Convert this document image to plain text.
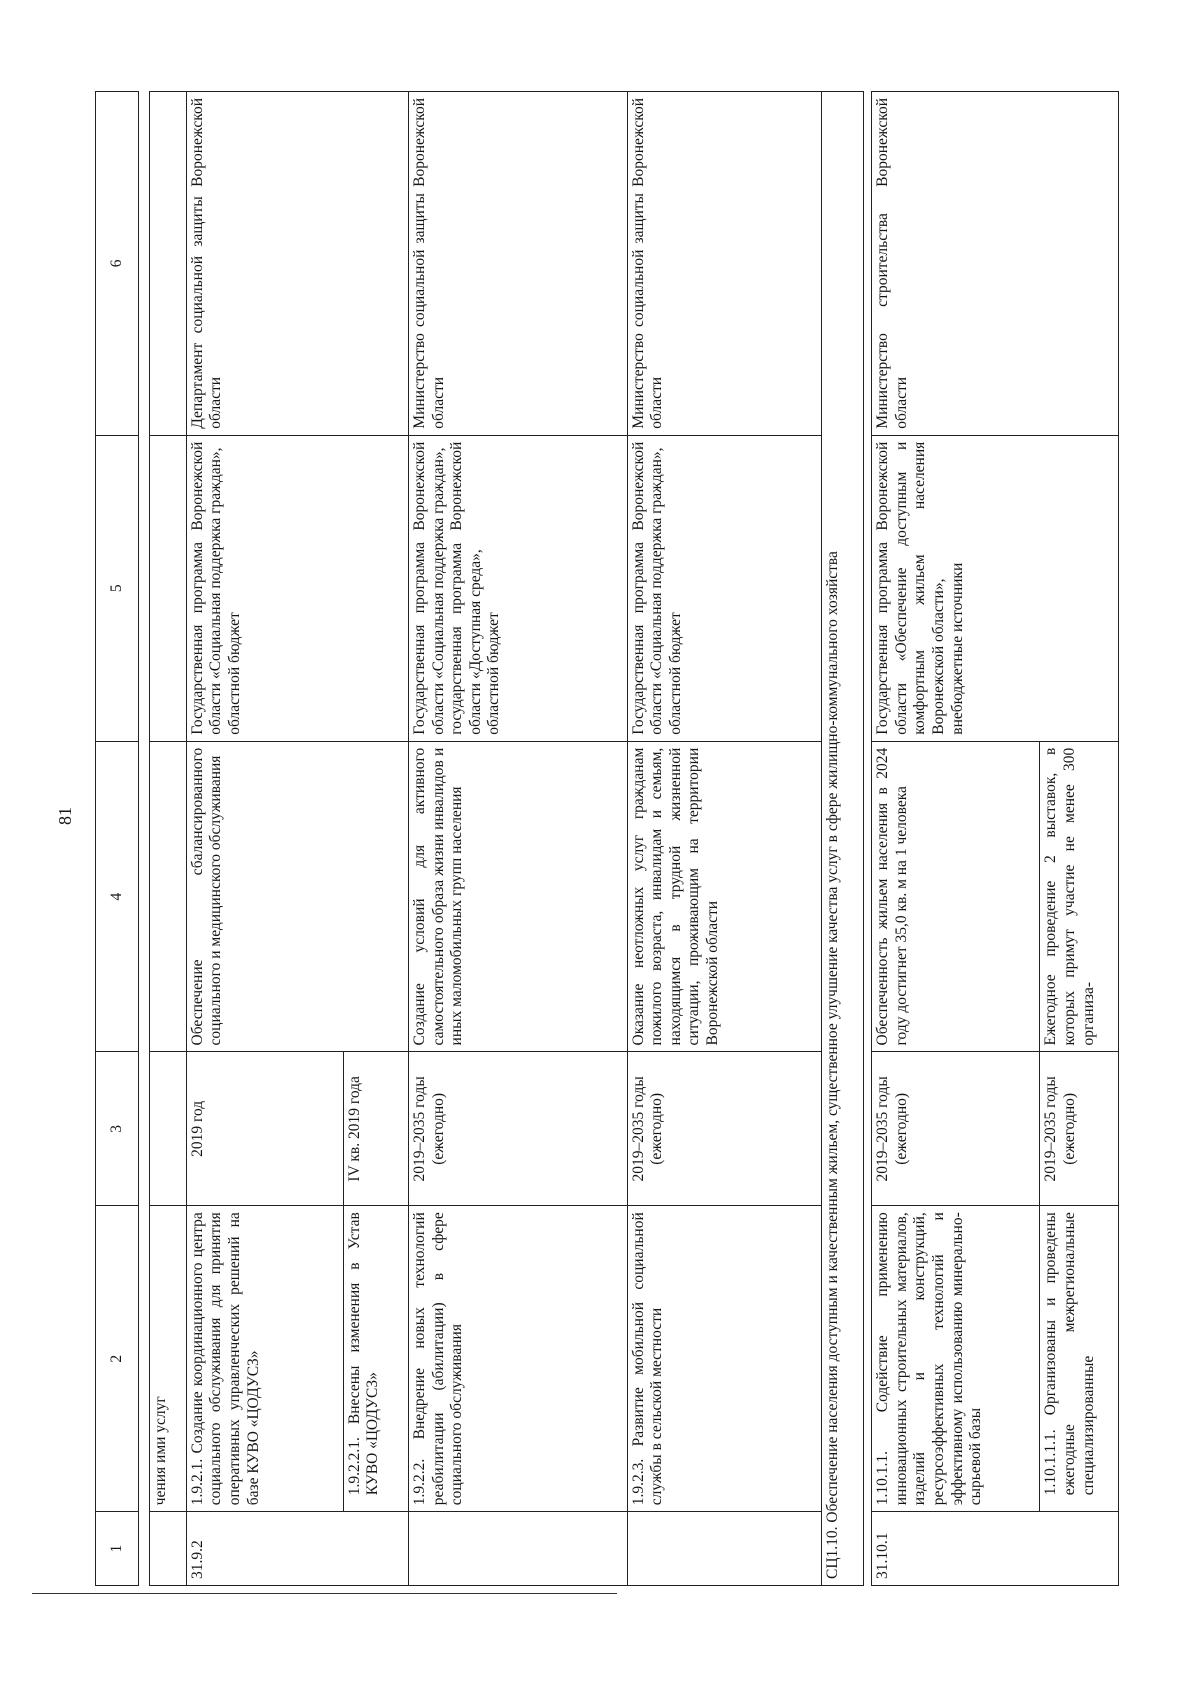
81
1	2	3	4	5	6

	чения ими услуг				
31.9.2	1.9.2.1. Создание координационного центра социального обслуживания для принятия оперативных управленческих решений на базе КУВО «ЦОДУСЗ»	2019 год	Обеспечение сбалансированного социального и медицинского обслуживания	Государственная программа Воронежской области «Социальная поддержка граждан», областной бюджет	Департамент социальной защиты Воронежской области
	1.9.2.2.1. Внесены изменения в Устав КУВО «ЦОДУСЗ»	IV кв. 2019 года			
	1.9.2.2. Внедрение новых технологий реабилитации (абилитации) в сфере социального обслуживания	2019–2035 годы (ежегодно)	Создание условий для активного самостоятельного образа жизни инвалидов и иных маломобильных групп населения	Государственная программа Воронежской области «Социальная поддержка граждан», государственная программа Воронежской области «Доступная среда», областной бюджет	Министерство социальной защиты Воронежской области
	1.9.2.3. Развитие мобильной социальной службы в сельской местности	2019–2035 годы (ежегодно)	Оказание неотложных услуг гражданам пожилого возраста, инвалидам и семьям, находящимся в трудной жизненной ситуации, проживающим на территории Воронежской области	Государственная программа Воронежской области «Социальная поддержка граждан», областной бюджет	Министерство социальной защиты Воронежской области
СЦ1.10. Обеспечение населения доступным и качественным жильем, существенное улучшение качества услуг в сфере жилищно-коммунального хозяйства					

31.10.1	1.10.1.1. Содействие применению инновационных строительных материалов, изделий и конструкций, ресурсоэффективных технологий и эффективному использованию минерально-сырьевой базы	2019–2035 годы (ежегодно)	Обеспеченность жильем населения в 2024 году достигнет 35,0 кв. м на 1 человека	Государственная программа Воронежской области «Обеспечение доступным и комфортным жильем населения Воронежской области», внебюджетные источники	Министерство строительства Воронежской области
	1.10.1.1.1. Организованы и проведены ежегодные межрегиональные специализированные	2019–2035 годы (ежегодно)	Ежегодное проведение 2 выставок, в которых примут участие не менее 300 организа-		
